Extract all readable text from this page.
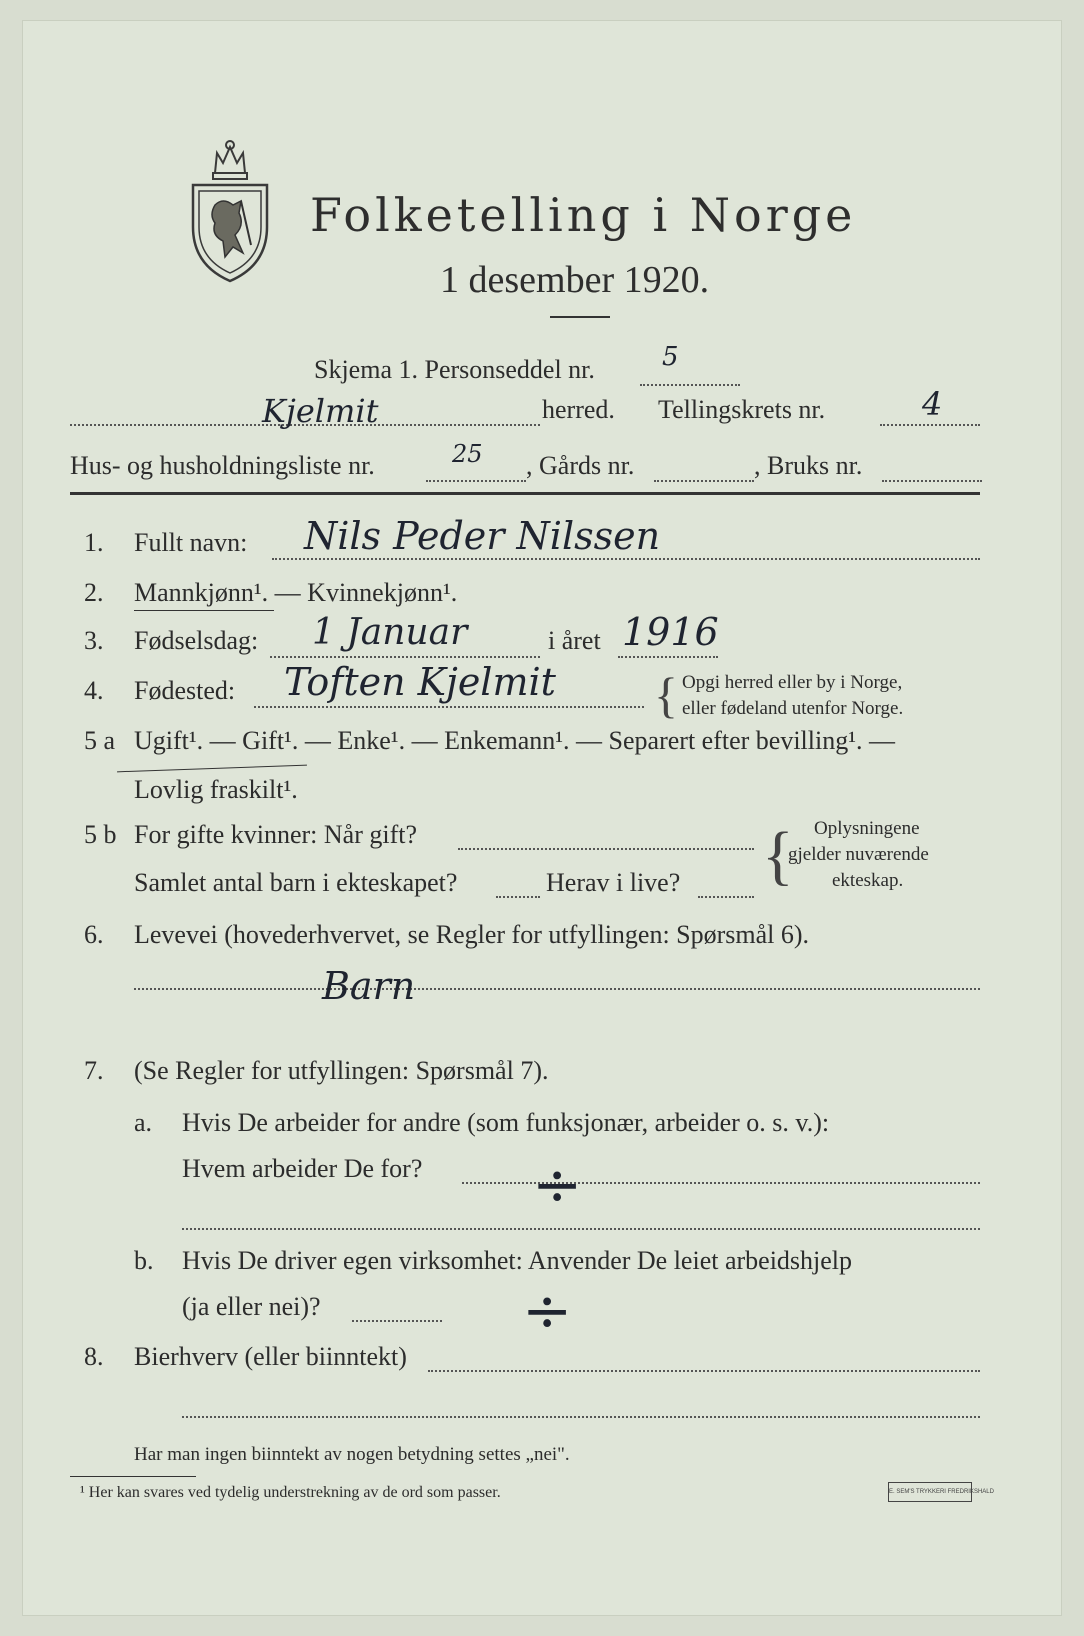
Folketelling i Norge
1 desember 1920.
Skjema 1. Personseddel nr.	5
Kjelmit	herred. Tellingskrets nr.	4
Hus- og husholdningsliste nr.	25 , Gårds nr.	, Bruks nr.
1.	Fullt navn: Nils Peder Nilssen
2.	Mannkjønn¹. — Kvinnekjønn¹.
3.	Fødselsdag: 1 Januar	i året 1916
4.	Fødested: Toften Kjelmit { Opgi herred eller by i Norge,
eller fødeland utenfor Norge.
5 a Ugift¹. — Gift¹. — Enke¹. — Enkemann¹. — Separert efter bevilling¹. —
Lovlig fraskilt¹.
5 b For gifte kvinner: Når gift?
Samlet antal barn i ekteskapet?	Herav i live? { Oplysningene
gjelder nuværende
ekteskap.
6.	Levevei (hovederhvervet, se Regler for utfyllingen: Spørsmål 6).
Barn
7.	(Se Regler for utfyllingen: Spørsmål 7).
a. Hvis De arbeider for andre (som funksjonær, arbeider o. s. v.):
Hvem arbeider De for? ÷
b. Hvis De driver egen virksomhet: Anvender De leiet arbeidshjelp
(ja eller nei)?	÷
8.	Bierhverv (eller biinntekt)
Har man ingen biinntekt av nogen betydning settes „nei".
¹ Her kan svares ved tydelig understrekning av de ord som passer.	E. SEM'S TRYKKERI FREDRIKSHALD
